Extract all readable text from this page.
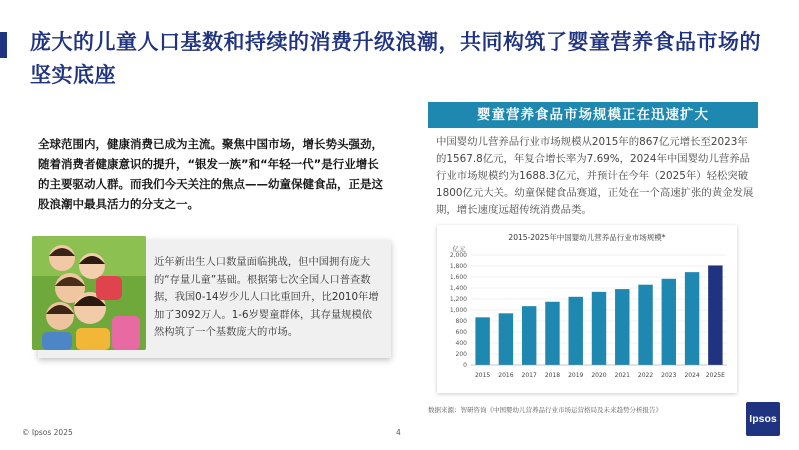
庞大的儿童人口基数和持续的消费升级浪潮，共同构筑了婴童营养食品市场的坚实底座

全球范围内，健康消费已成为主流。聚焦中国市场，增长势头强劲，随着消费者健康意识的提升，“银发一族”和“年轻一代”是行业增长的主要驱动人群。而我们今天关注的焦点——幼童保健食品，正是这股浪潮中最具活力的分支之一。

近年新出生人口数量面临挑战，但中国拥有庞大的“存量儿童”基础。根据第七次全国人口普查数据，我国0-14岁少儿人口比重回升，比2010年增加了3092万人。1-6岁婴童群体，其存量规模依然构筑了一个基数庞大的市场。

婴童营养食品市场规模正在迅速扩大

中国婴幼儿营养品行业市场规模从2015年的867亿元增长至2023年的1567.8亿元，年复合增长率为7.69%，2024年中国婴幼儿营养品行业市场规模约为1688.3亿元，并预计在今年（2025年）轻松突破1800亿元大关。幼童保健食品赛道，正处在一个高速扩张的黄金发展期，增长速度远超传统消费品类。

2015-2025年中国婴幼儿营养品行业市场规模*
亿元
0
200
400
600
800
1,000
1,200
1,400
1,600
1,800
2,000
2015 2016 2017 2018 2019 2020 2021 2022 2023 2024 2025E
数据来源：智研咨询《中国婴幼儿营养品行业市场运营格局及未来趋势分析报告》
© Ipsos 2025	4
Ipsos
